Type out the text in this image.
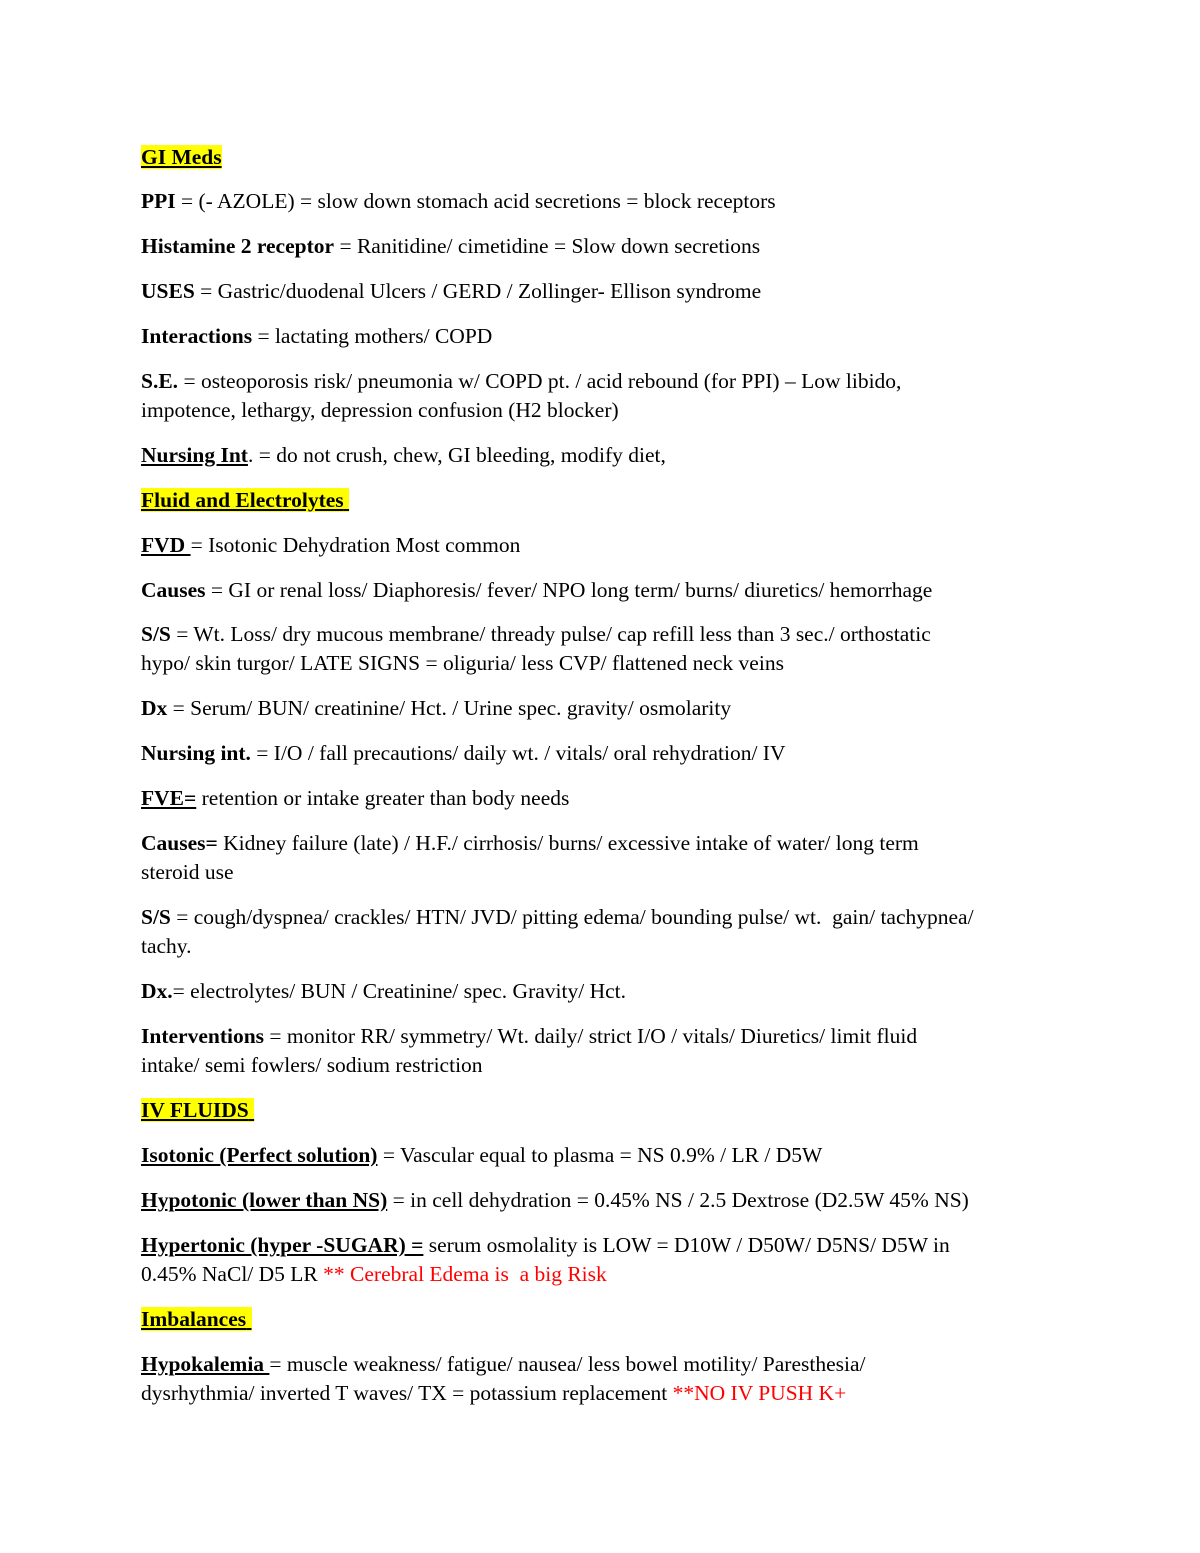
GI Meds
PPI = (- AZOLE) = slow down stomach acid secretions = block receptors
Histamine 2 receptor = Ranitidine/ cimetidine = Slow down secretions
USES = Gastric/duodenal Ulcers / GERD / Zollinger- Ellison syndrome
Interactions = lactating mothers/ COPD
S.E. = osteoporosis risk/ pneumonia w/ COPD pt. / acid rebound (for PPI) – Low libido,
impotence, lethargy, depression confusion (H2 blocker)
Nursing Int. = do not crush, chew, GI bleeding, modify diet,
Fluid and Electrolytes
FVD = Isotonic Dehydration Most common
Causes = GI or renal loss/ Diaphoresis/ fever/ NPO long term/ burns/ diuretics/ hemorrhage
S/S = Wt. Loss/ dry mucous membrane/ thready pulse/ cap refill less than 3 sec./ orthostatic
hypo/ skin turgor/ LATE SIGNS = oliguria/ less CVP/ flattened neck veins
Dx = Serum/ BUN/ creatinine/ Hct. / Urine spec. gravity/ osmolarity
Nursing int. = I/O / fall precautions/ daily wt. / vitals/ oral rehydration/ IV
FVE= retention or intake greater than body needs
Causes= Kidney failure (late) / H.F./ cirrhosis/ burns/ excessive intake of water/ long term
steroid use
S/S = cough/dyspnea/ crackles/ HTN/ JVD/ pitting edema/ bounding pulse/ wt.  gain/ tachypnea/
tachy.
Dx.= electrolytes/ BUN / Creatinine/ spec. Gravity/ Hct.
Interventions = monitor RR/ symmetry/ Wt. daily/ strict I/O / vitals/ Diuretics/ limit fluid
intake/ semi fowlers/ sodium restriction
IV FLUIDS
Isotonic (Perfect solution) = Vascular equal to plasma = NS 0.9% / LR / D5W
Hypotonic (lower than NS) = in cell dehydration = 0.45% NS / 2.5 Dextrose (D2.5W 45% NS)
Hypertonic (hyper -SUGAR) = serum osmolality is LOW = D10W / D50W/ D5NS/ D5W in
0.45% NaCl/ D5 LR ** Cerebral Edema is  a big Risk
Imbalances
Hypokalemia = muscle weakness/ fatigue/ nausea/ less bowel motility/ Paresthesia/
dysrhythmia/ inverted T waves/ TX = potassium replacement **NO IV PUSH K+
